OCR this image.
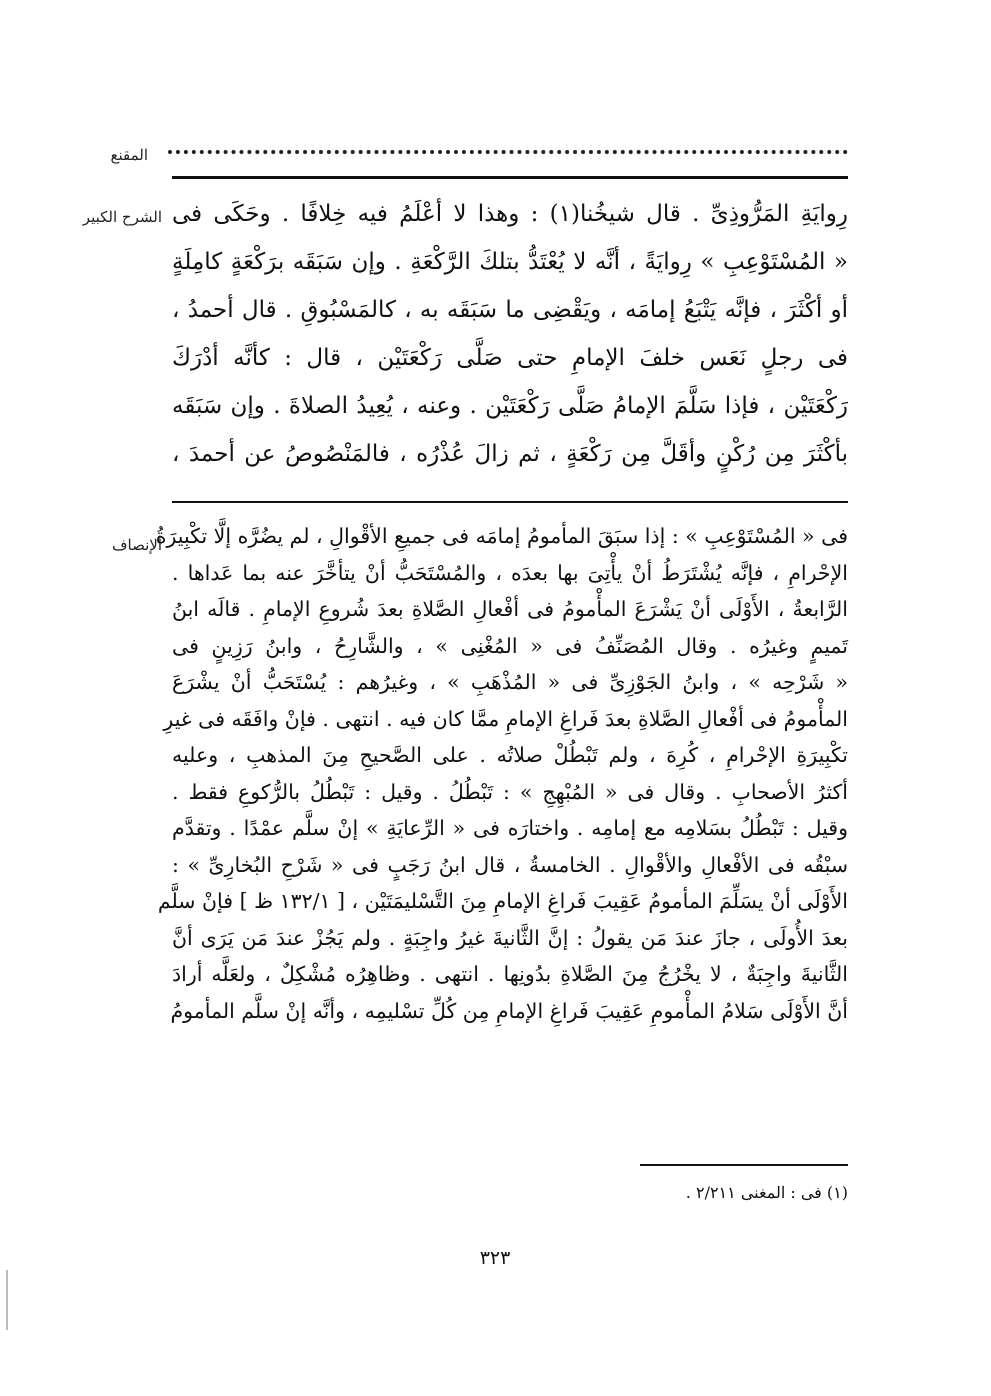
المقنع
الشرح الكبير رِوايَةِ المَرُّوذِىِّ . قال شيخُنا(١) : وهذا لا أعْلَمُ فيه خِلافًا . وحَكَى فى
« المُسْتَوْعِبِ » رِوايَةً ، أنَّه لا يُعْتَدُّ بتلكَ الرَّكْعَةِ . وإن سَبَقَه برَكْعَةٍ كامِلَةٍ
أو أكْثَرَ ، فإنَّه يَتْبَعُ إمامَه ، ويَقْضِى ما سَبَقَه به ، كالمَسْبُوقِ . قال أحمدُ ،
فى رجلٍ نَعَس خلفَ الإمامِ حتى صَلَّى رَكْعَتَيْن ، قال : كأنَّه أدْرَكَ
رَكْعَتَيْن ، فإذا سَلَّمَ الإمامُ صَلَّى رَكْعَتَيْن . وعنه ، يُعِيدُ الصلاةَ . وإن سَبَقَه
بأكْثَرَ مِن رُكْنٍ وأقَلَّ مِن رَكْعَةٍ ، ثم زالَ عُذْرُه ، فالمَنْصُوصُ عن أحمدَ ،
الإنصاف
فى « المُسْتَوْعِبِ » : إذا سبَقَ المأمومُ إمامَه فى جميعِ الأقْوالِ ، لم يضُرَّه إلَّا تكْبِيرَةُ
الإحْرامِ ، فإنَّه يُشْتَرَطُ أنْ يأْتِىَ بها بعدَه ، والمُسْتَحَبُّ أنْ يتأخَّرَ عنه بما عَداها .
الرَّابعةُ ، الأَوْلَى أنْ يَشْرَعَ المأْمومُ فى أفْعالِ الصَّلاةِ بعدَ شُروعِ الإمامِ . قالَه ابنُ
تَميمٍ وغيرُه . وقال المُصَنِّفُ فى « المُغْنِى » ، والشَّارِحُ ، وابنُ رَزِينٍ فى
« شَرْحِه » ، وابنُ الجَوْزِىِّ فى « المُذْهَبِ » ، وغيرُهم : يُسْتَحَبُّ أنْ يشْرَعَ
المأْمومُ فى أفْعالِ الصَّلاةِ بعدَ فَراغِ الإمامِ ممَّا كان فيه . انتهى . فإنْ وافَقَه فى غيرِ
تكْبِيرَةِ الإحْرامِ ، كُرِهَ ، ولم تَبْطُلْ صلاتُه . على الصَّحيحِ مِنَ المذهبِ ، وعليه
أكثرُ الأصحابِ . وقال فى « المُبْهِجِ » : تَبْطُلُ . وقيل : تَبْطُلُ بالرُّكوعِ فقط .
وقيل : تَبْطُلُ بسَلامِه مع إمامِه . واختارَه فى « الرِّعايَةِ » إنْ سلَّم عمْدًا . وتقدَّم
سبْقُه فى الأفْعالِ والأقْوالِ . الخامسةُ ، قال ابنُ رَجَبٍ فى « شَرْحِ البُخارِىِّ » :
الأَوْلَى أنْ يسَلِّمَ المأمومُ عَقِيبَ فَراغِ الإمامِ مِنَ التَّسْليمَتَيْن ، [ ١٣٢/١ ظ ] فإنْ سلَّم
بعدَ الأُولَى ، جازَ عندَ مَن يقولُ : إنَّ الثَّانيةَ غيرُ واجِبَةٍ . ولم يَجُزْ عندَ مَن يَرَى أنَّ
الثَّانيةَ واجِبَةٌ ، لا يخْرُجُ مِنَ الصَّلاةِ بدُونِها . انتهى . وظاهِرُه مُشْكِلٌ ، ولعَلَّه أرادَ
أنَّ الأَوْلَى سَلامُ المأْمومِ عَقِيبَ فَراغِ الإمامِ مِن كُلِّ تسْليمِه ، وأنَّه إنْ سلَّم المأمومُ
(١) فى : المغنى ٢/٢١١ .
٣٢٣
